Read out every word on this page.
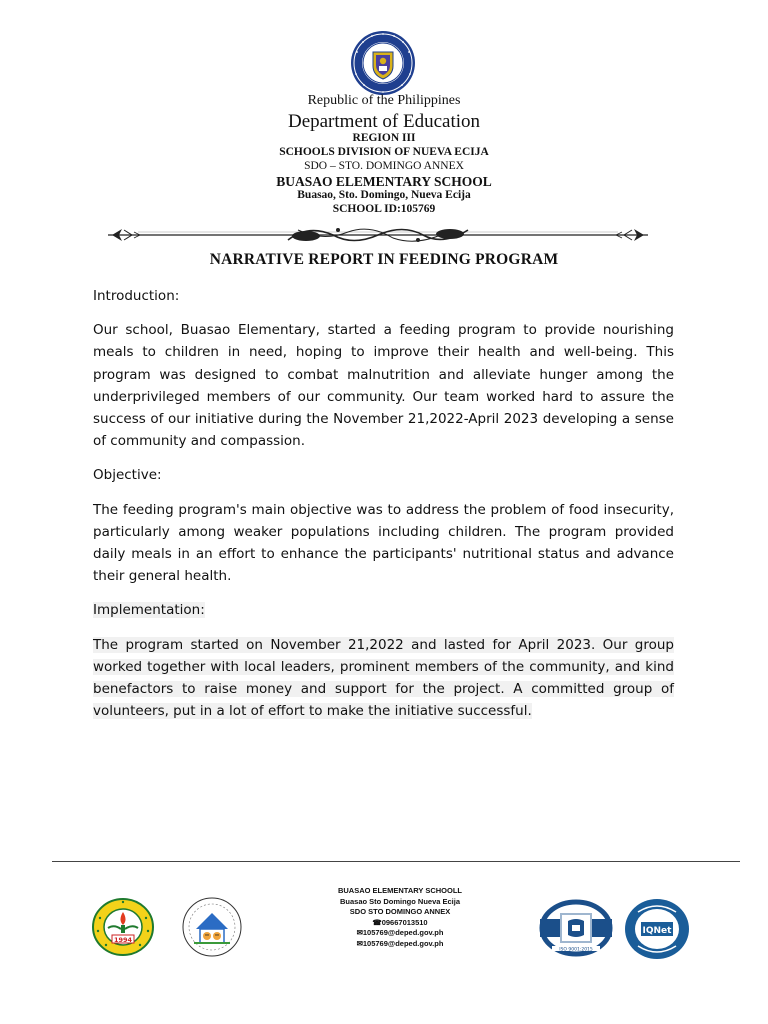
Republic of the Philippines
Department of Education
REGION III
SCHOOLS DIVISION OF NUEVA ECIJA
SDO – STO. DOMINGO ANNEX
BUASAO ELEMENTARY SCHOOL
Buasao, Sto. Domingo, Nueva Ecija
SCHOOL ID:105769
NARRATIVE REPORT IN FEEDING PROGRAM

Introduction:

Our school, Buasao Elementary, started a feeding program to provide nourishing meals to children in need, hoping to improve their health and well-being. This program was designed to combat malnutrition and alleviate hunger among the underprivileged members of our community. Our team worked hard to assure the success of our initiative during the November 21,2022-April 2023 developing a sense of community and compassion.

Objective:

The feeding program's main objective was to address the problem of food insecurity, particularly among weaker populations including children. The program provided daily meals in an effort to enhance the participants' nutritional status and advance their general health.

Implementation:

The program started on November 21,2022 and lasted for April 2023. Our group worked together with local leaders, prominent members of the community, and kind benefactors to raise money and support for the project. A committed group of volunteers, put in a lot of effort to make the initiative successful.

1994
BUASAO ELEMENTARY SCHOOLL
Buasao Sto Domingo Nueva Ecija
SDO STO DOMINGO ANNEX
☎09667013510
✉105769@deped.gov.ph
✉105769@deped.gov.ph
ISO 9001:2015
IQNet
